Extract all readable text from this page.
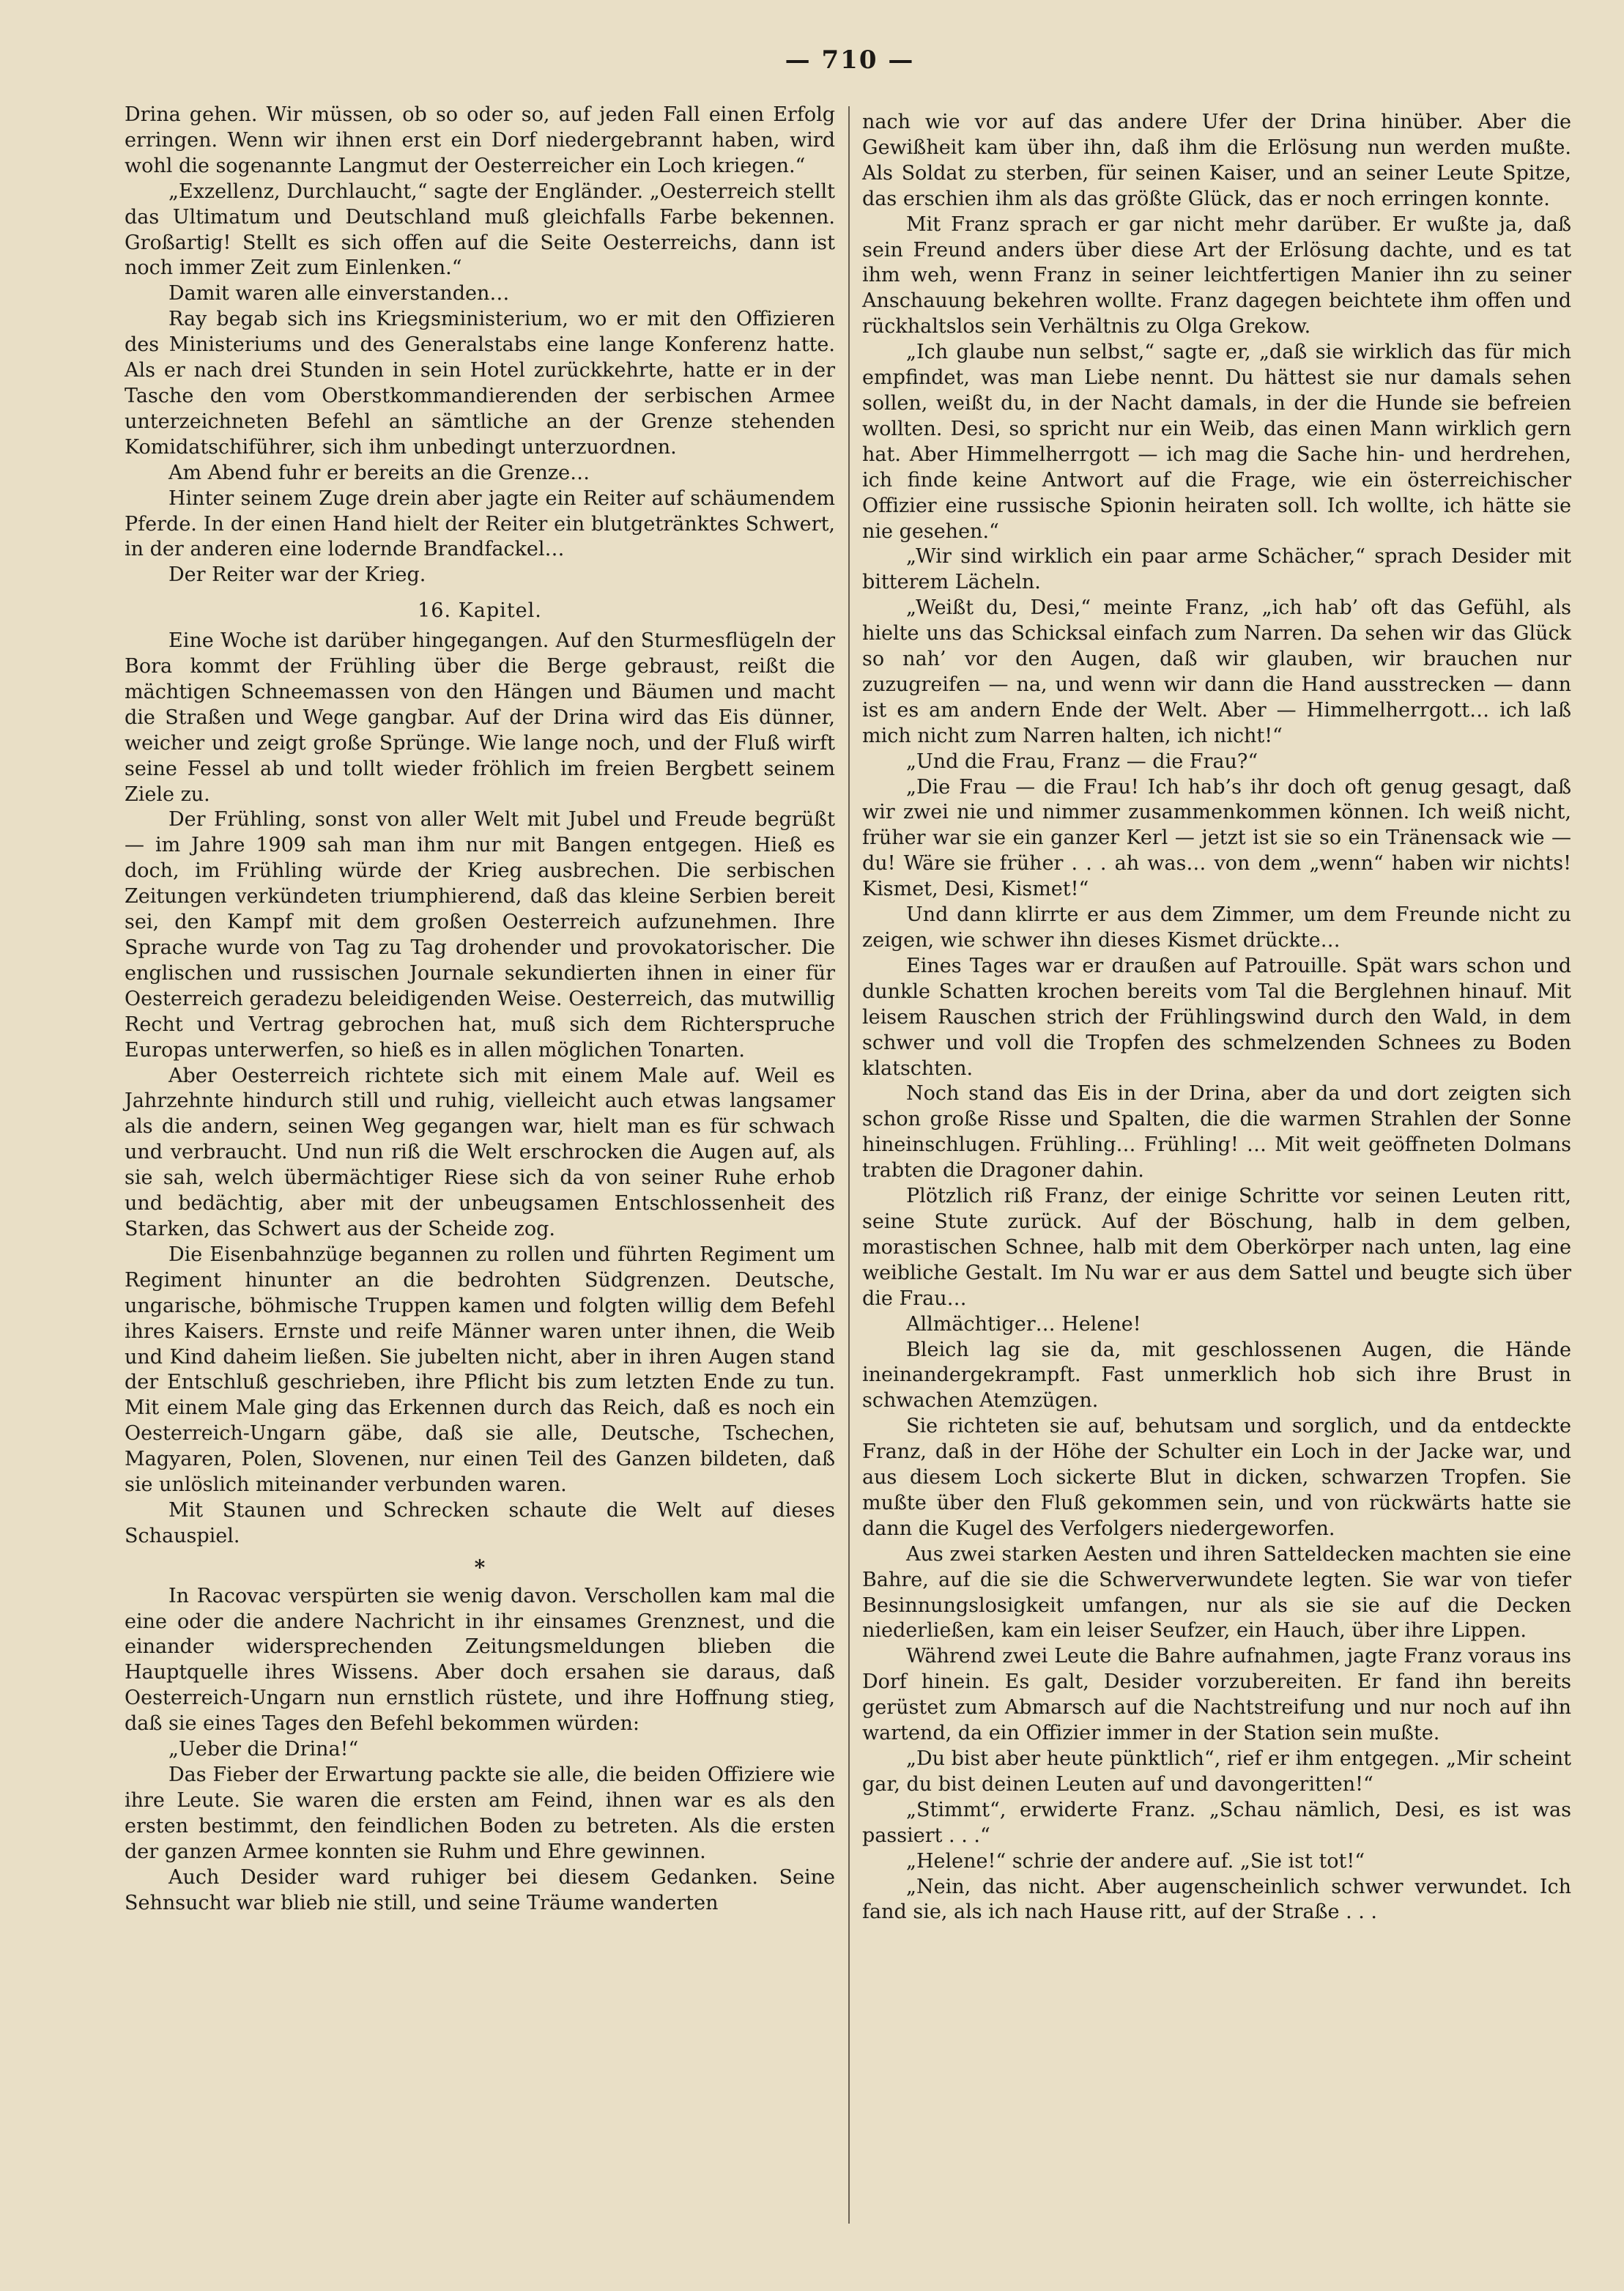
— 710 —

Drina gehen. Wir müssen, ob so oder so, auf jeden Fall einen Erfolg erringen. Wenn wir ihnen erst ein Dorf niedergebrannt haben, wird wohl die sogenannte Langmut der Oesterreicher ein Loch kriegen.“

„Exzellenz, Durchlaucht,“ sagte der Engländer. „Oesterreich stellt das Ultimatum und Deutschland muß gleichfalls Farbe bekennen. Großartig! Stellt es sich offen auf die Seite Oesterreichs, dann ist noch immer Zeit zum Einlenken.“

Damit waren alle einverstanden…

Ray begab sich ins Kriegsministerium, wo er mit den Offizieren des Ministeriums und des Generalstabs eine lange Konferenz hatte. Als er nach drei Stunden in sein Hotel zurückkehrte, hatte er in der Tasche den vom Oberstkommandierenden der serbischen Armee unterzeichneten Befehl an sämtliche an der Grenze stehenden Komidatschiführer, sich ihm unbedingt unterzuordnen.

Am Abend fuhr er bereits an die Grenze…

Hinter seinem Zuge drein aber jagte ein Reiter auf schäumendem Pferde. In der einen Hand hielt der Reiter ein blutgetränktes Schwert, in der anderen eine lodernde Brandfackel…

Der Reiter war der Krieg.

16. Kapitel.

Eine Woche ist darüber hingegangen. Auf den Sturmesflügeln der Bora kommt der Frühling über die Berge gebraust, reißt die mächtigen Schneemassen von den Hängen und Bäumen und macht die Straßen und Wege gangbar. Auf der Drina wird das Eis dünner, weicher und zeigt große Sprünge. Wie lange noch, und der Fluß wirft seine Fessel ab und tollt wieder fröhlich im freien Bergbett seinem Ziele zu.

Der Frühling, sonst von aller Welt mit Jubel und Freude begrüßt — im Jahre 1909 sah man ihm nur mit Bangen entgegen. Hieß es doch, im Frühling würde der Krieg ausbrechen. Die serbischen Zeitungen verkündeten triumphierend, daß das kleine Serbien bereit sei, den Kampf mit dem großen Oesterreich aufzunehmen. Ihre Sprache wurde von Tag zu Tag drohender und provokatorischer. Die englischen und russischen Journale sekundierten ihnen in einer für Oesterreich geradezu beleidigenden Weise. Oesterreich, das mutwillig Recht und Vertrag gebrochen hat, muß sich dem Richterspruche Europas unterwerfen, so hieß es in allen möglichen Tonarten.

Aber Oesterreich richtete sich mit einem Male auf. Weil es Jahrzehnte hindurch still und ruhig, vielleicht auch etwas langsamer als die andern, seinen Weg gegangen war, hielt man es für schwach und verbraucht. Und nun riß die Welt erschrocken die Augen auf, als sie sah, welch übermächtiger Riese sich da von seiner Ruhe erhob und bedächtig, aber mit der unbeugsamen Entschlossenheit des Starken, das Schwert aus der Scheide zog.

Die Eisenbahnzüge begannen zu rollen und führten Regiment um Regiment hinunter an die bedrohten Südgrenzen. Deutsche, ungarische, böhmische Truppen kamen und folgten willig dem Befehl ihres Kaisers. Ernste und reife Männer waren unter ihnen, die Weib und Kind daheim ließen. Sie jubelten nicht, aber in ihren Augen stand der Entschluß geschrieben, ihre Pflicht bis zum letzten Ende zu tun. Mit einem Male ging das Erkennen durch das Reich, daß es noch ein Oesterreich-Ungarn gäbe, daß sie alle, Deutsche, Tschechen, Magyaren, Polen, Slovenen, nur einen Teil des Ganzen bildeten, daß sie unlöslich miteinander verbunden waren.

Mit Staunen und Schrecken schaute die Welt auf dieses Schauspiel.

*

In Racovac verspürten sie wenig davon. Verschollen kam mal die eine oder die andere Nachricht in ihr einsames Grenznest, und die einander widersprechenden Zeitungsmeldungen blieben die Hauptquelle ihres Wissens. Aber doch ersahen sie daraus, daß Oesterreich-Ungarn nun ernstlich rüstete, und ihre Hoffnung stieg, daß sie eines Tages den Befehl bekommen würden:

„Ueber die Drina!“

Das Fieber der Erwartung packte sie alle, die beiden Offiziere wie ihre Leute. Sie waren die ersten am Feind, ihnen war es als den ersten bestimmt, den feindlichen Boden zu betreten. Als die ersten der ganzen Armee konnten sie Ruhm und Ehre gewinnen.

Auch Desider ward ruhiger bei diesem Gedanken. Seine Sehnsucht war blieb nie still, und seine Träume wanderten

nach wie vor auf das andere Ufer der Drina hinüber. Aber die Gewißheit kam über ihn, daß ihm die Erlösung nun werden mußte. Als Soldat zu sterben, für seinen Kaiser, und an seiner Leute Spitze, das erschien ihm als das größte Glück, das er noch erringen konnte.

Mit Franz sprach er gar nicht mehr darüber. Er wußte ja, daß sein Freund anders über diese Art der Erlösung dachte, und es tat ihm weh, wenn Franz in seiner leichtfertigen Manier ihn zu seiner Anschauung bekehren wollte. Franz dagegen beichtete ihm offen und rückhaltslos sein Verhältnis zu Olga Grekow.

„Ich glaube nun selbst,“ sagte er, „daß sie wirklich das für mich empfindet, was man Liebe nennt. Du hättest sie nur damals sehen sollen, weißt du, in der Nacht damals, in der die Hunde sie befreien wollten. Desi, so spricht nur ein Weib, das einen Mann wirklich gern hat. Aber Himmelherrgott — ich mag die Sache hin- und herdrehen, ich finde keine Antwort auf die Frage, wie ein österreichischer Offizier eine russische Spionin heiraten soll. Ich wollte, ich hätte sie nie gesehen.“

„Wir sind wirklich ein paar arme Schächer,“ sprach Desider mit bitterem Lächeln.

„Weißt du, Desi,“ meinte Franz, „ich hab’ oft das Gefühl, als hielte uns das Schicksal einfach zum Narren. Da sehen wir das Glück so nah’ vor den Augen, daß wir glauben, wir brauchen nur zuzugreifen — na, und wenn wir dann die Hand ausstrecken — dann ist es am andern Ende der Welt. Aber — Himmelherrgott… ich laß mich nicht zum Narren halten, ich nicht!“

„Und die Frau, Franz — die Frau?“

„Die Frau — die Frau! Ich hab’s ihr doch oft genug gesagt, daß wir zwei nie und nimmer zusammenkommen können. Ich weiß nicht, früher war sie ein ganzer Kerl — jetzt ist sie so ein Tränensack wie — du! Wäre sie früher . . . ah was… von dem „wenn“ haben wir nichts! Kismet, Desi, Kismet!“

Und dann klirrte er aus dem Zimmer, um dem Freunde nicht zu zeigen, wie schwer ihn dieses Kismet drückte…

Eines Tages war er draußen auf Patrouille. Spät wars schon und dunkle Schatten krochen bereits vom Tal die Berglehnen hinauf. Mit leisem Rauschen strich der Frühlingswind durch den Wald, in dem schwer und voll die Tropfen des schmelzenden Schnees zu Boden klatschten.

Noch stand das Eis in der Drina, aber da und dort zeigten sich schon große Risse und Spalten, die die warmen Strahlen der Sonne hineinschlugen. Frühling… Frühling! … Mit weit geöffneten Dolmans trabten die Dragoner dahin.

Plötzlich riß Franz, der einige Schritte vor seinen Leuten ritt, seine Stute zurück. Auf der Böschung, halb in dem gelben, morastischen Schnee, halb mit dem Oberkörper nach unten, lag eine weibliche Gestalt. Im Nu war er aus dem Sattel und beugte sich über die Frau…

Allmächtiger… Helene!

Bleich lag sie da, mit geschlossenen Augen, die Hände ineinandergekrampft. Fast unmerklich hob sich ihre Brust in schwachen Atemzügen.

Sie richteten sie auf, behutsam und sorglich, und da entdeckte Franz, daß in der Höhe der Schulter ein Loch in der Jacke war, und aus diesem Loch sickerte Blut in dicken, schwarzen Tropfen. Sie mußte über den Fluß gekommen sein, und von rückwärts hatte sie dann die Kugel des Verfolgers niedergeworfen.

Aus zwei starken Aesten und ihren Satteldecken machten sie eine Bahre, auf die sie die Schwerverwundete legten. Sie war von tiefer Besinnungslosigkeit umfangen, nur als sie sie auf die Decken niederließen, kam ein leiser Seufzer, ein Hauch, über ihre Lippen.

Während zwei Leute die Bahre aufnahmen, jagte Franz voraus ins Dorf hinein. Es galt, Desider vorzubereiten. Er fand ihn bereits gerüstet zum Abmarsch auf die Nachtstreifung und nur noch auf ihn wartend, da ein Offizier immer in der Station sein mußte.

„Du bist aber heute pünktlich“, rief er ihm entgegen. „Mir scheint gar, du bist deinen Leuten auf und davongeritten!“

„Stimmt“, erwiderte Franz. „Schau nämlich, Desi, es ist was passiert . . .“

„Helene!“ schrie der andere auf. „Sie ist tot!“

„Nein, das nicht. Aber augenscheinlich schwer verwundet. Ich fand sie, als ich nach Hause ritt, auf der Straße . . .
